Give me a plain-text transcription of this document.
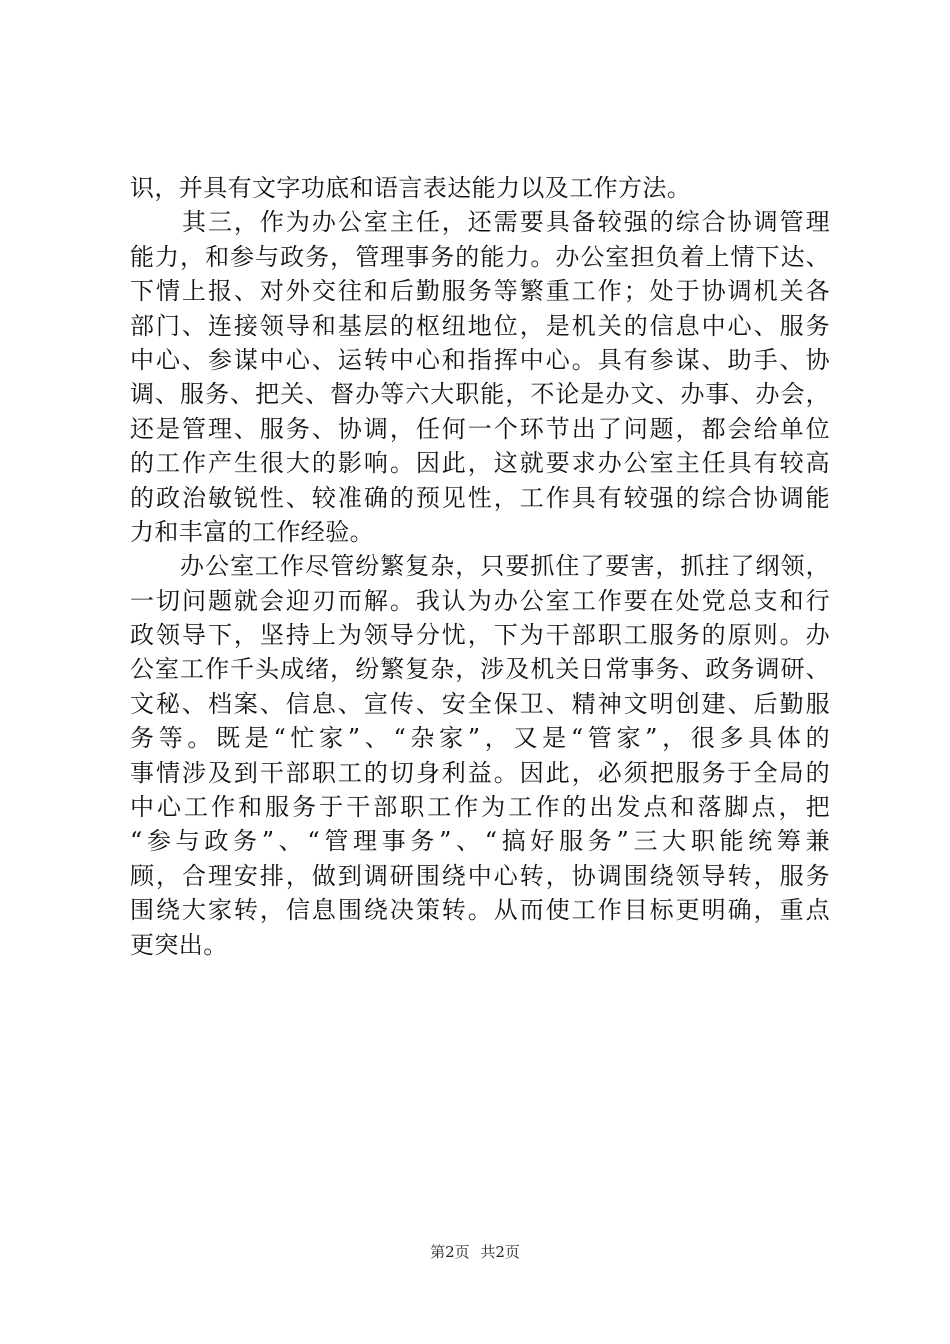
识，并具有文字功底和语言表达能力以及工作方法。
　　其三，作为办公室主任，还需要具备较强的综合协调管理
能力，和参与政务，管理事务的能力。办公室担负着上情下达、
下情上报、对外交往和后勤服务等繁重工作；处于协调机关各
部门、连接领导和基层的枢纽地位，是机关的信息中心、服务
中心、参谋中心、运转中心和指挥中心。具有参谋、助手、协
调、服务、把关、督办等六大职能，不论是办文、办事、办会，
还是管理、服务、协调，任何一个环节出了问题，都会给单位
的工作产生很大的影响。因此，这就要求办公室主任具有较高
的政治敏锐性、较准确的预见性，工作具有较强的综合协调能
力和丰富的工作经验。
　　办公室工作尽管纷繁复杂，只要抓住了要害，抓拄了纲领，
一切问题就会迎刃而解。我认为办公室工作要在处党总支和行
政领导下，坚持上为领导分忧，下为干部职工服务的原则。办
公室工作千头成绪，纷繁复杂，涉及机关日常事务、政务调研、
文秘、档案、信息、宣传、安全保卫、精神文明创建、后勤服
务等。既是“忙家”、“杂家”，又是“管家”，很多具体的
事情涉及到干部职工的切身利益。因此，必须把服务于全局的
中心工作和服务于干部职工作为工作的出发点和落脚点，把
“参与政务”、“管理事务”、“搞好服务”三大职能统筹兼
顾，合理安排，做到调研围绕中心转，协调围绕领导转，服务
围绕大家转，信息围绕决策转。从而使工作目标更明确，重点
更突出。
第2页 共2页
